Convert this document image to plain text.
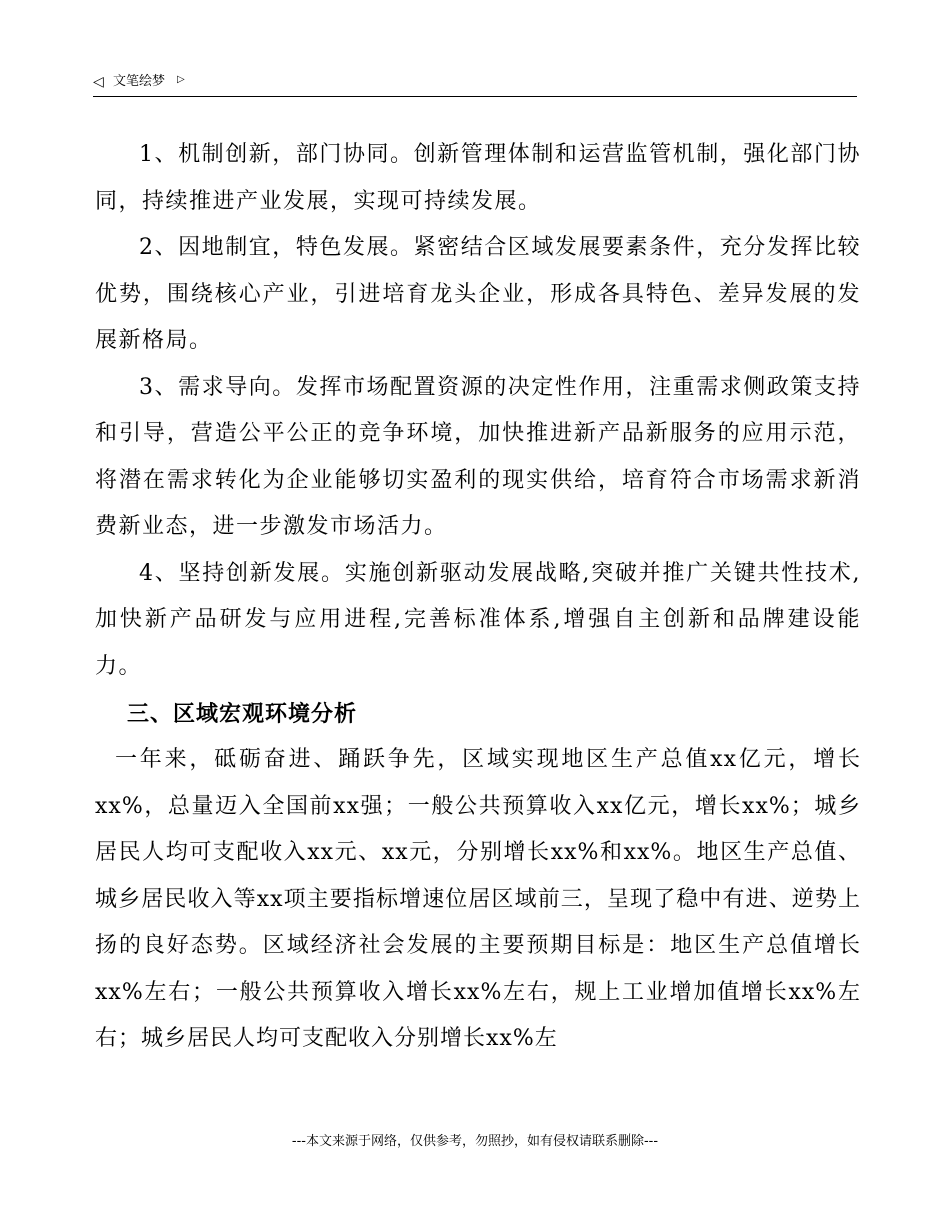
◁ 文笔绘梦 ▷

1、机制创新，部门协同。创新管理体制和运营监管机制，强化部门协同，持续推进产业发展，实现可持续发展。

2、因地制宜，特色发展。紧密结合区域发展要素条件，充分发挥比较优势，围绕核心产业，引进培育龙头企业，形成各具特色、差异发展的发展新格局。

3、需求导向。发挥市场配置资源的决定性作用，注重需求侧政策支持和引导，营造公平公正的竞争环境，加快推进新产品新服务的应用示范，将潜在需求转化为企业能够切实盈利的现实供给，培育符合市场需求新消费新业态，进一步激发市场活力。

4、坚持创新发展。实施创新驱动发展战略,突破并推广关键共性技术,加快新产品研发与应用进程,完善标准体系,增强自主创新和品牌建设能力。

三、区域宏观环境分析

一年来，砥砺奋进、踊跃争先，区域实现地区生产总值xx亿元，增长xx%，总量迈入全国前xx强；一般公共预算收入xx亿元，增长xx%；城乡居民人均可支配收入xx元、xx元，分别增长xx%和xx%。地区生产总值、城乡居民收入等xx项主要指标增速位居区域前三，呈现了稳中有进、逆势上扬的良好态势。区域经济社会发展的主要预期目标是：地区生产总值增长xx%左右；一般公共预算收入增长xx%左右，规上工业增加值增长xx%左右；城乡居民人均可支配收入分别增长xx%左

---本文来源于网络，仅供参考，勿照抄，如有侵权请联系删除---
